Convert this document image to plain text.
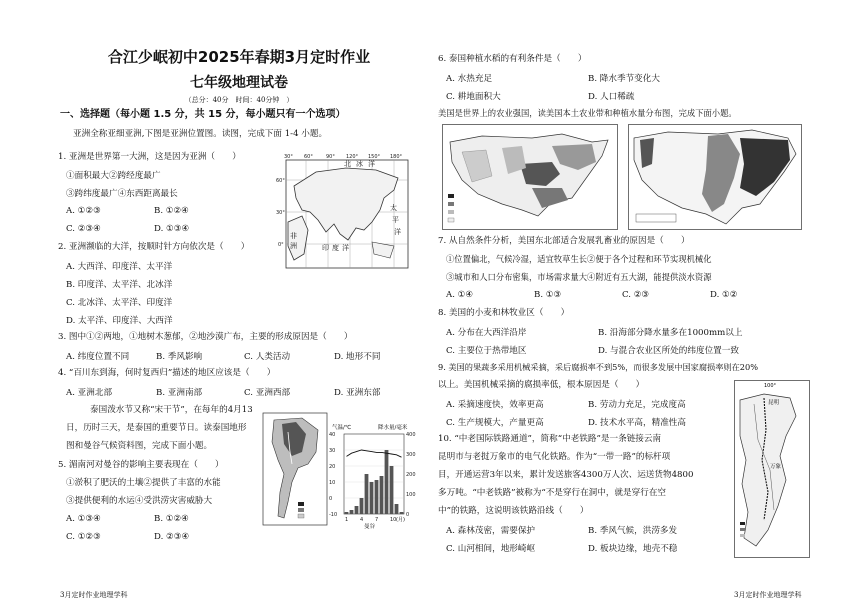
合江少岷初中2025年春期3月定时作业
七年级地理试卷
（总分：40分　时间：40分钟　）
一、选择题（每小题 1.5 分，共 15 分，每小题只有一个选项）
亚洲全称亚细亚洲,下图是亚洲位置图。读图，完成下面 1-4 小题。
1. 亚洲是世界第一大洲，这是因为亚洲（　　）
①面积最大②跨经度最广
③跨纬度最广④东西距离最长
A. ①②③	B. ①②④
C. ②③④	D. ①③④
2. 亚洲濒临的大洋，按顺时针方向依次是（　　）
A. 大西洋、印度洋、太平洋
B. 印度洋、太平洋、北冰洋
C. 北冰洋、太平洋、印度洋
D. 太平洋、印度洋、大西洋
3. 图中①②两地，①地树木葱郁，②地沙漠广布，主要的形成原因是（　　）
A. 纬度位置不同	B. 季风影响	C. 人类活动	D. 地形不同
4. “百川东到海，何时复西归”描述的地区应该是（　　）
A. 亚洲北部	B. 亚洲南部	C. 亚洲西部	D. 亚洲东部
泰国泼水节又称“宋干节”，在每年的4月13
日，历时三天，是泰国的重要节日。读泰国地形
图和曼谷气候资料图，完成下面小题。
5. 湄南河对曼谷的影响主要表现在（　　）
①淤积了肥沃的土壤②提供了丰富的水能
③提供便利的水运④受洪涝灾害威胁大
A. ①③④	B. ①②④
C. ①②③	D. ②③④
30° 60°	90° 120° 150° 180°
60°
30°
0°
北 冰 洋
太
平
洋
印 度 洋
非
洲
气温/℃	降水量/毫米
40
30
20
10
0
-10
400
300
200
100
0
1 4 7 10
曼谷
(月)
6. 泰国种植水稻的有利条件是（　　）
A. 水热充足	B. 降水季节变化大
C. 耕地面积大	D. 人口稀疏
美国是世界上的农业强国，读美国本土农业带和种植水量分布图，完成下面小题。
7. 从自然条件分析，美国东北部适合发展乳畜业的原因是（　　）
①位置偏北，气候冷湿，适宜牧草生长②便于各个过程和环节实现机械化
③城市和人口分布密集，市场需求量大④附近有五大湖，能提供淡水资源
A. ①④	B. ①③	C. ②③	D. ①②
8. 美国的小麦和林牧业区（　　）
A. 分布在大西洋沿岸	B. 沿海部分降水量多在1000mm以上
C. 主要位于热带地区	D. 与混合农业区所处的纬度位置一致
9. 美国的果蔬多采用机械采摘，采后腐损率不到5%，而很多发展中国家腐损率则在20%
以上。美国机械采摘的腐损率低，根本原因是（　　）
A. 采摘速度快，效率更高	B. 劳动力充足，完成度高
C. 生产规模大，产量更高	D. 技术水平高，精准性高
10. “中老国际铁路通道”，简称“中老铁路”是一条链接云南
昆明市与老挝万象市的电气化铁路。作为“一带一路”的标杆项
目，开通运营3年以来，累计发送旅客4300万人次、运送货物4800
多万吨。“中老铁路”被称为“不是穿行在洞中，就是穿行在空
中”的铁路，这说明该铁路沿线（　　）
A. 森林茂密，需要保护	B. 季风气候，洪涝多发
C. 山河相间，地形崎岖	D. 板块边缘，地壳不稳
100°
昆明
万象
3月定时作业地理学科	3月定时作业地理学科
